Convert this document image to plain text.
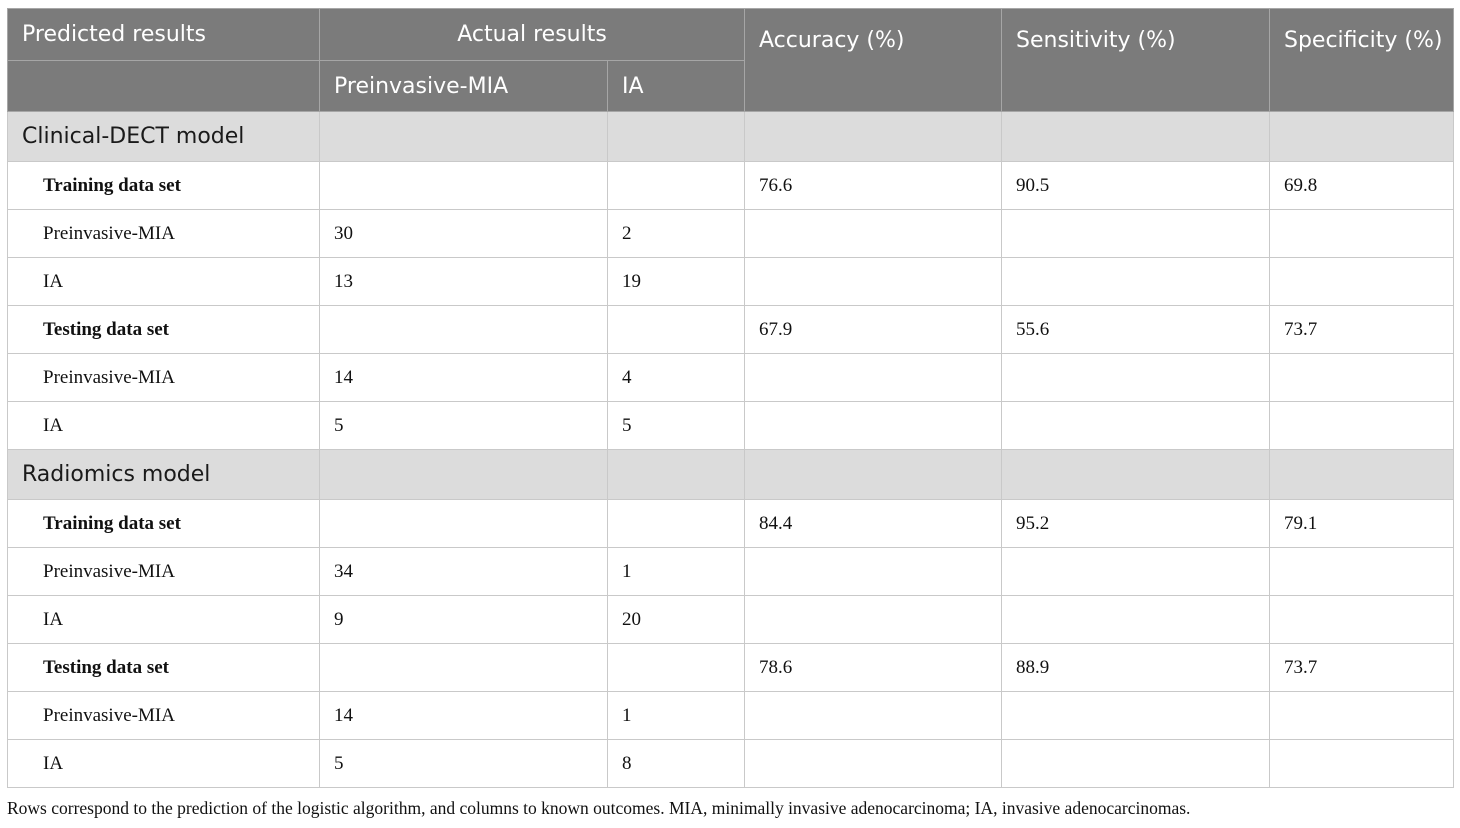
Predicted results	Actual results		Accuracy (%)	Sensitivity (%)	Specificity (%)
	Preinvasive-MIA	IA			
Clinical-DECT model					
Training data set			76.6	90.5	69.8
Preinvasive-MIA	30	2			
IA	13	19			
Testing data set			67.9	55.6	73.7
Preinvasive-MIA	14	4			
IA	5	5			
Radiomics model					
Training data set			84.4	95.2	79.1
Preinvasive-MIA	34	1			
IA	9	20			
Testing data set			78.6	88.9	73.7
Preinvasive-MIA	14	1			
IA	5	8			
Rows correspond to the prediction of the logistic algorithm, and columns to known outcomes. MIA, minimally invasive adenocarcinoma; IA, invasive adenocarcinomas.
